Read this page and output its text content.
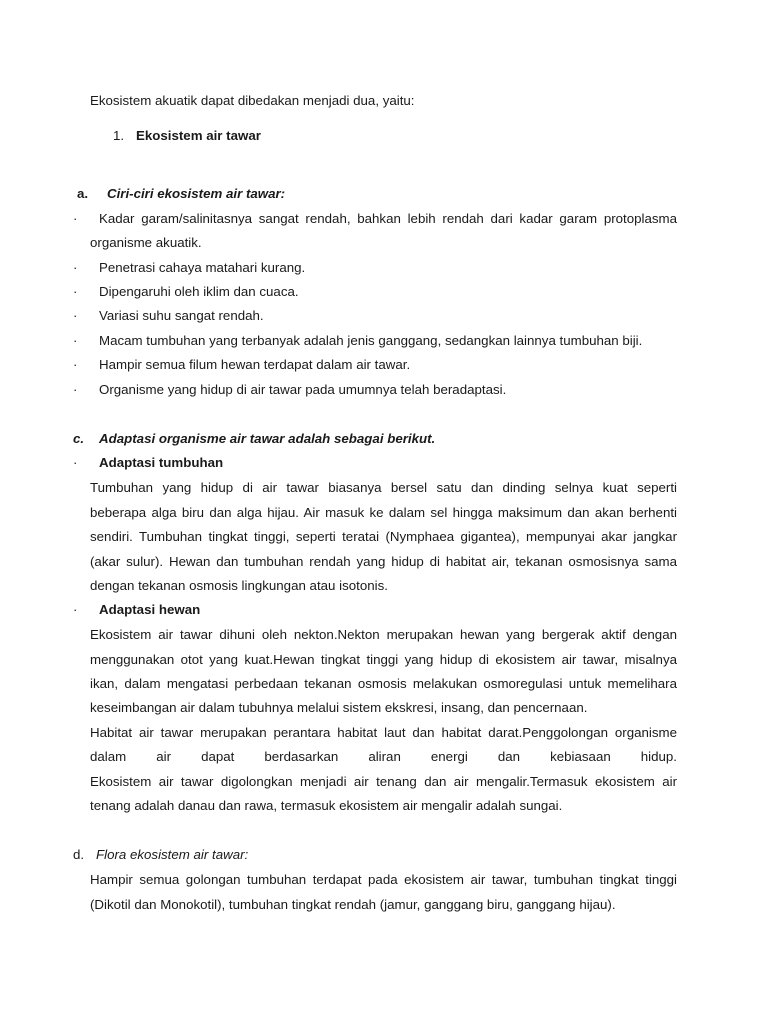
Ekosistem akuatik dapat dibedakan menjadi dua, yaitu:
1. Ekosistem air tawar
a. Ciri-ciri ekosistem air tawar:
· Kadar garam/salinitasnya sangat rendah, bahkan lebih rendah dari kadar garam protoplasma
organisme akuatik.
· Penetrasi cahaya matahari kurang.
· Dipengaruhi oleh iklim dan cuaca.
· Variasi suhu sangat rendah.
· Macam tumbuhan yang terbanyak adalah jenis ganggang, sedangkan lainnya tumbuhan biji.
· Hampir semua filum hewan terdapat dalam air tawar.
· Organisme yang hidup di air tawar pada umumnya telah beradaptasi.
c. Adaptasi organisme air tawar adalah sebagai berikut.
· Adaptasi tumbuhan
Tumbuhan yang hidup di air tawar biasanya bersel satu dan dinding selnya kuat seperti
beberapa alga biru dan alga hijau. Air masuk ke dalam sel hingga maksimum dan akan berhenti
sendiri. Tumbuhan tingkat tinggi, seperti teratai (Nymphaea gigantea), mempunyai akar jangkar
(akar sulur). Hewan dan tumbuhan rendah yang hidup di habitat air, tekanan osmosisnya sama
dengan tekanan osmosis lingkungan atau isotonis.
· Adaptasi hewan
Ekosistem air tawar dihuni oleh nekton.Nekton merupakan hewan yang bergerak aktif dengan
menggunakan otot yang kuat.Hewan tingkat tinggi yang hidup di ekosistem air tawar, misalnya
ikan, dalam mengatasi perbedaan tekanan osmosis melakukan osmoregulasi untuk memelihara
keseimbangan air dalam tubuhnya melalui sistem ekskresi, insang, dan pencernaan.
Habitat air tawar merupakan perantara habitat laut dan habitat darat.Penggolongan organisme
dalam air dapat berdasarkan aliran energi dan kebiasaan hidup.
Ekosistem air tawar digolongkan menjadi air tenang dan air mengalir.Termasuk ekosistem air
tenang adalah danau dan rawa, termasuk ekosistem air mengalir adalah sungai.
d. Flora ekosistem air tawar:
Hampir semua golongan tumbuhan terdapat pada ekosistem air tawar, tumbuhan tingkat tinggi
(Dikotil dan Monokotil), tumbuhan tingkat rendah (jamur, ganggang biru, ganggang hijau).
